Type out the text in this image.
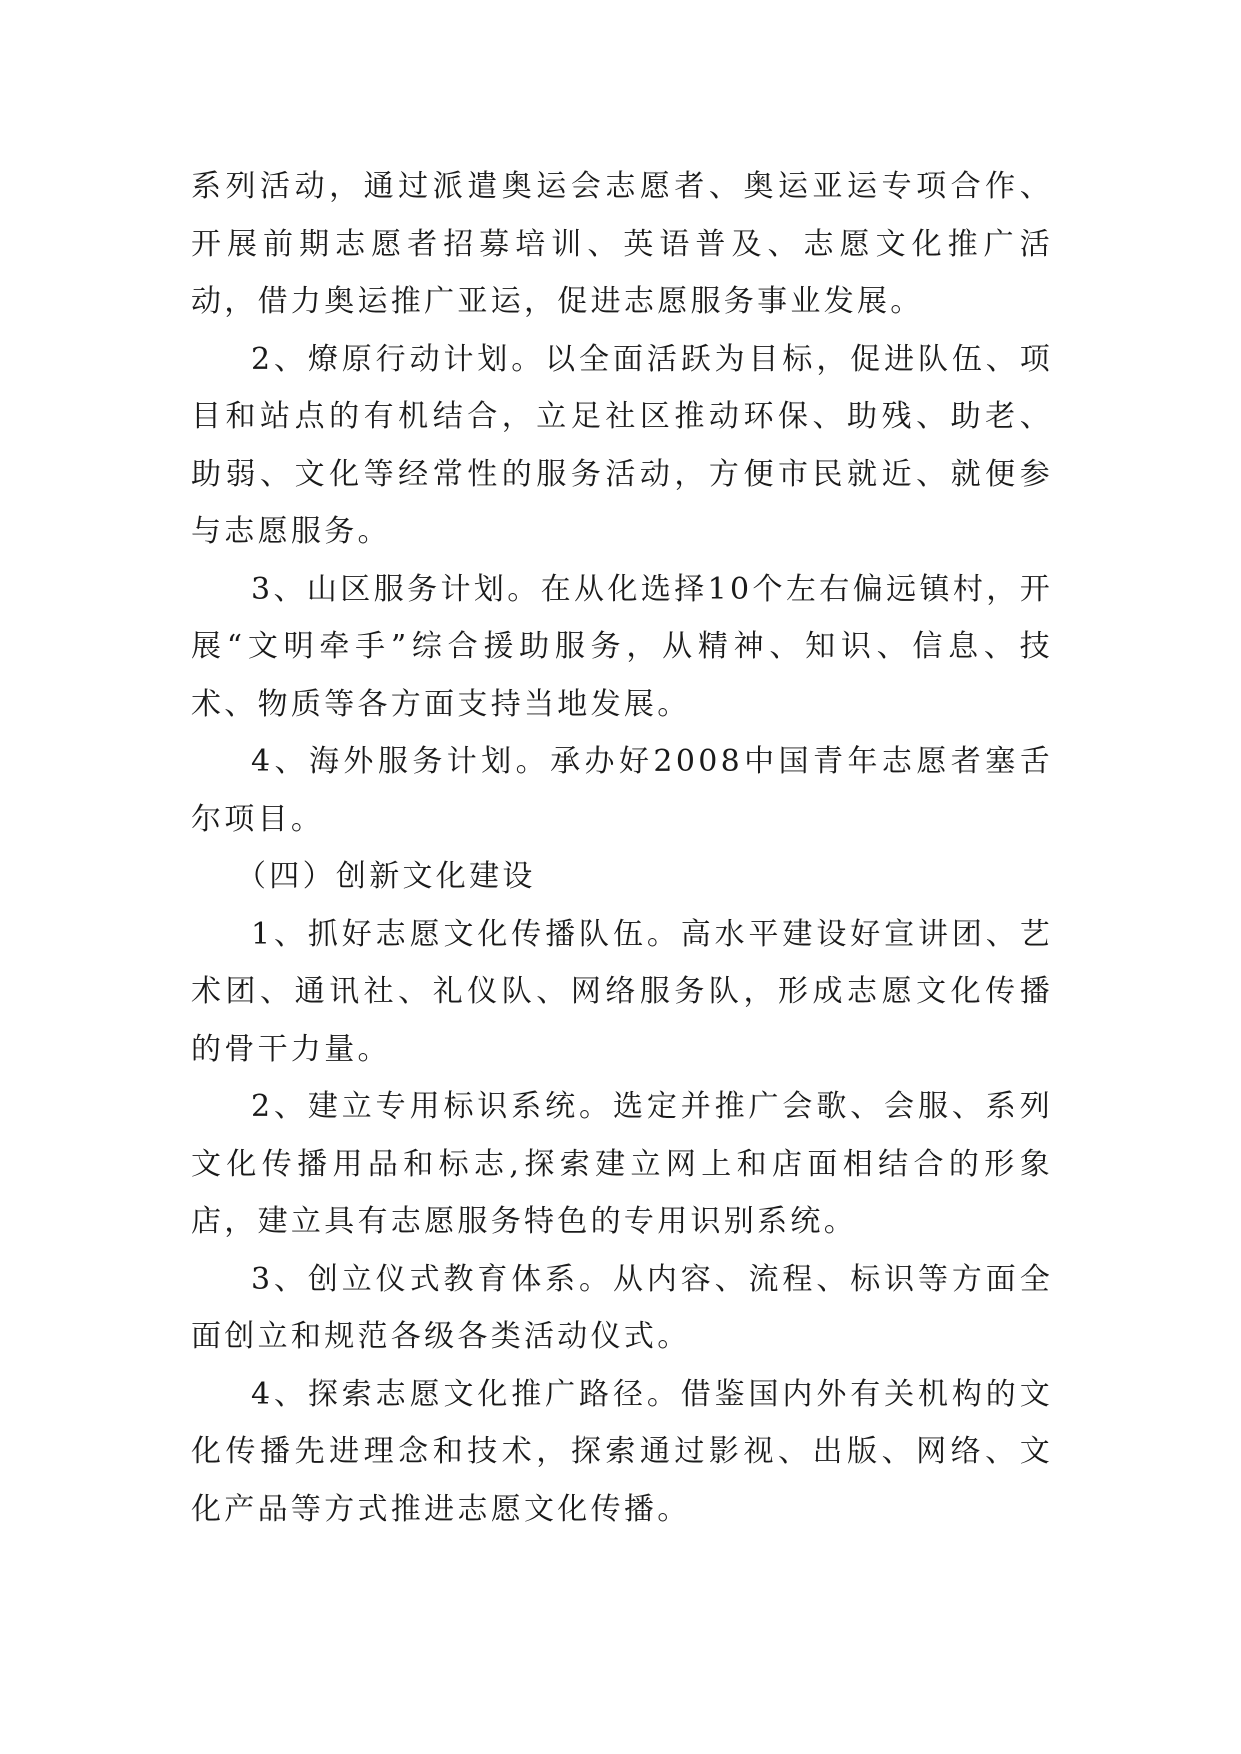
系列活动，通过派遣奥运会志愿者、奥运亚运专项合作、开展前期志愿者招募培训、英语普及、志愿文化推广活动，借力奥运推广亚运，促进志愿服务事业发展。

2、燎原行动计划。以全面活跃为目标，促进队伍、项目和站点的有机结合，立足社区推动环保、助残、助老、助弱、文化等经常性的服务活动，方便市民就近、就便参与志愿服务。

3、山区服务计划。在从化选择10个左右偏远镇村，开展“文明牵手”综合援助服务，从精神、知识、信息、技术、物质等各方面支持当地发展。

4、海外服务计划。承办好2008中国青年志愿者塞舌尔项目。

（四）创新文化建设

1、抓好志愿文化传播队伍。高水平建设好宣讲团、艺术团、通讯社、礼仪队、网络服务队，形成志愿文化传播的骨干力量。

2、建立专用标识系统。选定并推广会歌、会服、系列文化传播用品和标志,探索建立网上和店面相结合的形象店，建立具有志愿服务特色的专用识别系统。

3、创立仪式教育体系。从内容、流程、标识等方面全面创立和规范各级各类活动仪式。

4、探索志愿文化推广路径。借鉴国内外有关机构的文化传播先进理念和技术，探索通过影视、出版、网络、文化产品等方式推进志愿文化传播。
